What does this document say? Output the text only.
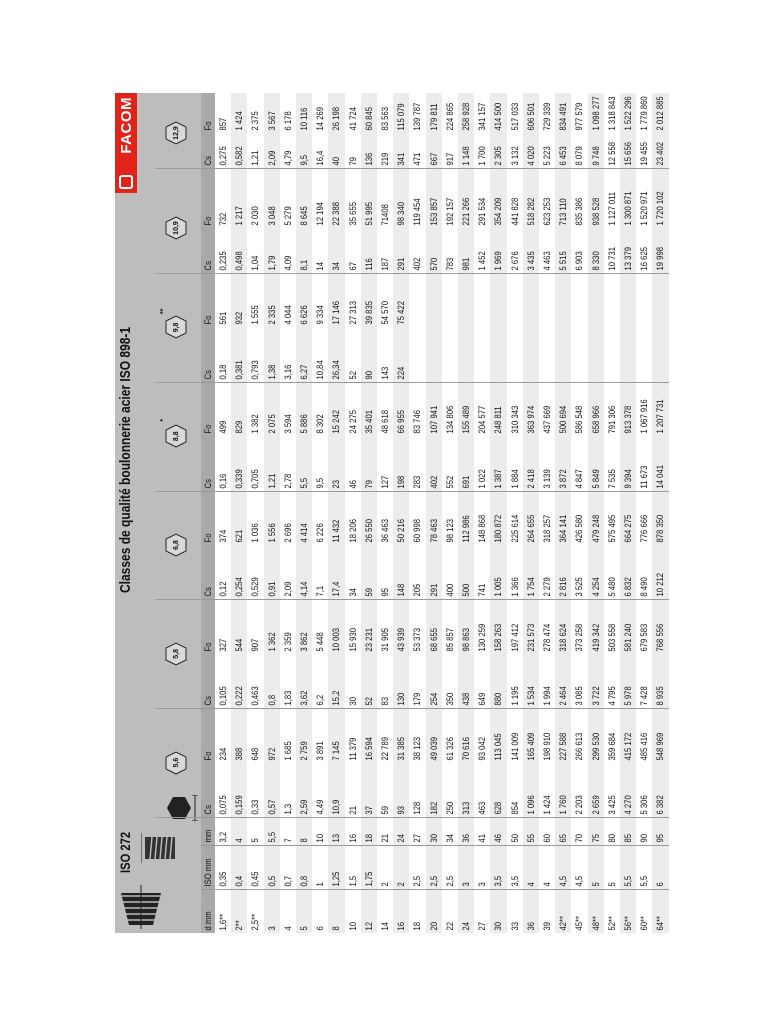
ISO 272
Classes de qualité boulonnerie acier ISO 898-1
FACOM
5,6
5,8
6,8
8,8
*
9,8
**
10,9
12,9
d mm
ISO mm
mm
Cs
Fo
Cs
Fo
Cs
Fo
Cs
Fo
Cs
Fo
Cs
Fo
Cs
Fo
1,6**
0,35
3,2
0,075
234
0,105
327
0,12
374
0,16
499
0,18
561
0,235
732
0,275
857
2**
0,4
4
0,159
388
0,222
544
0,254
621
0,339
829
0,381
932
0,498
1 217
0,582
1 424
2,5**
0,45
5
0,33
648
0,463
907
0,529
1 036
0,705
1 382
0,793
1 555
1,04
2 030
1,21
2 375
3
0,5
5,5
0,57
972
0,8
1 362
0,91
1 556
1,21
2 075
1,38
2 335
1,79
3 048
2,09
3 567
4
0,7
7
1,3
1 685
1,83
2 359
2,09
2 696
2,78
3 594
3,16
4 044
4,09
5 279
4,79
6 178
5
0,8
8
2,59
2 759
3,62
3 862
4,14
4 414
5,5
5 886
6,27
6 626
8,1
8 645
9,5
10 116
6
1
10
4,49
3 891
6,2
5 448
7,1
6 226
9,5
8 302
10,84
9 334
14
12 194
16,4
14 269
8
1,25
13
10,9
7 145
15,2
10 003
17,4
11 432
23
15 242
26,34
17 146
34
22 388
40
26 198
10
1,5
16
21
11 379
30
15 930
34
18 206
46
24 275
52
27 313
67
35 655
79
41 724
12
1,75
18
37
16 594
52
23 231
59
26 550
79
35 401
90
39 835
116
51 995
136
60 845
14
2
21
59
22 789
83
31 905
95
36 463
127
48 618
143
54 570
187
71408
219
83 563
16
2
24
93
31 385
130
43 939
148
50 216
198
66 955
224
75 422
291
98 340
341
115 079
18
2,5
27
128
38 123
179
53 373
205
60 998
283
83 746
402
119 454
471
139 787
20
2,5
30
182
49 039
254
68 655
291
78 463
402
107 941
570
153 857
667
179 811
22
2,5
34
250
61 326
350
85 857
400
98 123
552
134 806
783
192 157
917
224 865
24
3
36
313
70 616
438
98 863
500
112 986
691
155 489
981
221 266
1 148
258 928
27
3
41
463
93 042
649
130 259
741
148 868
1 022
204 577
1 452
291 534
1 700
341 157
30
3,5
46
628
113 045
880
158 263
1 005
180 872
1 387
248 811
1 969
354 209
2 305
414 500
33
3,5
50
854
141 009
1 195
197 412
1 366
225 614
1 884
310 343
2 676
441 828
3 132
517 033
36
4
55
1 096
165 409
1 534
231 573
1 754
264 655
2 418
363 974
3 435
518 282
4 020
606 501
39
4
60
1 424
198 910
1 994
278 474
2 279
318 257
3 139
437 669
4 463
623 253
5 223
729 339
42**
4,5
65
1 760
227 588
2 464
318 624
2 816
364 141
3 872
500 694
5 515
713 110
6 453
834 491
45**
4,5
70
2 203
266 613
3 085
373 258
3 525
426 580
4 847
586 548
6 903
835 386
8 079
977 579
48**
5
75
2 659
299 530
3 722
419 342
4 254
479 248
5 849
658 966
8 330
938 528
9 748
1 098 277
52**
5
80
3 425
359 684
4 795
503 558
5 480
575 495
7 535
791 306
10 731
1 127 011
12 558
1 318 843
56**
5,5
85
4 270
415 172
5 978
581 240
6 832
664 275
9 394
913 378
13 379
1 300 871
15 656
1 522 296
60**
5,5
90
5 306
485 416
7 428
679 583
8 490
776 666
11 673
1 067 916
16 625
1 520 971
19 455
1 779 860
64**
6
95
6 382
548 969
8 935
768 556
10 212
878 350
14 041
1 207 731
19 998
1 720 102
23 402
2 012 885
